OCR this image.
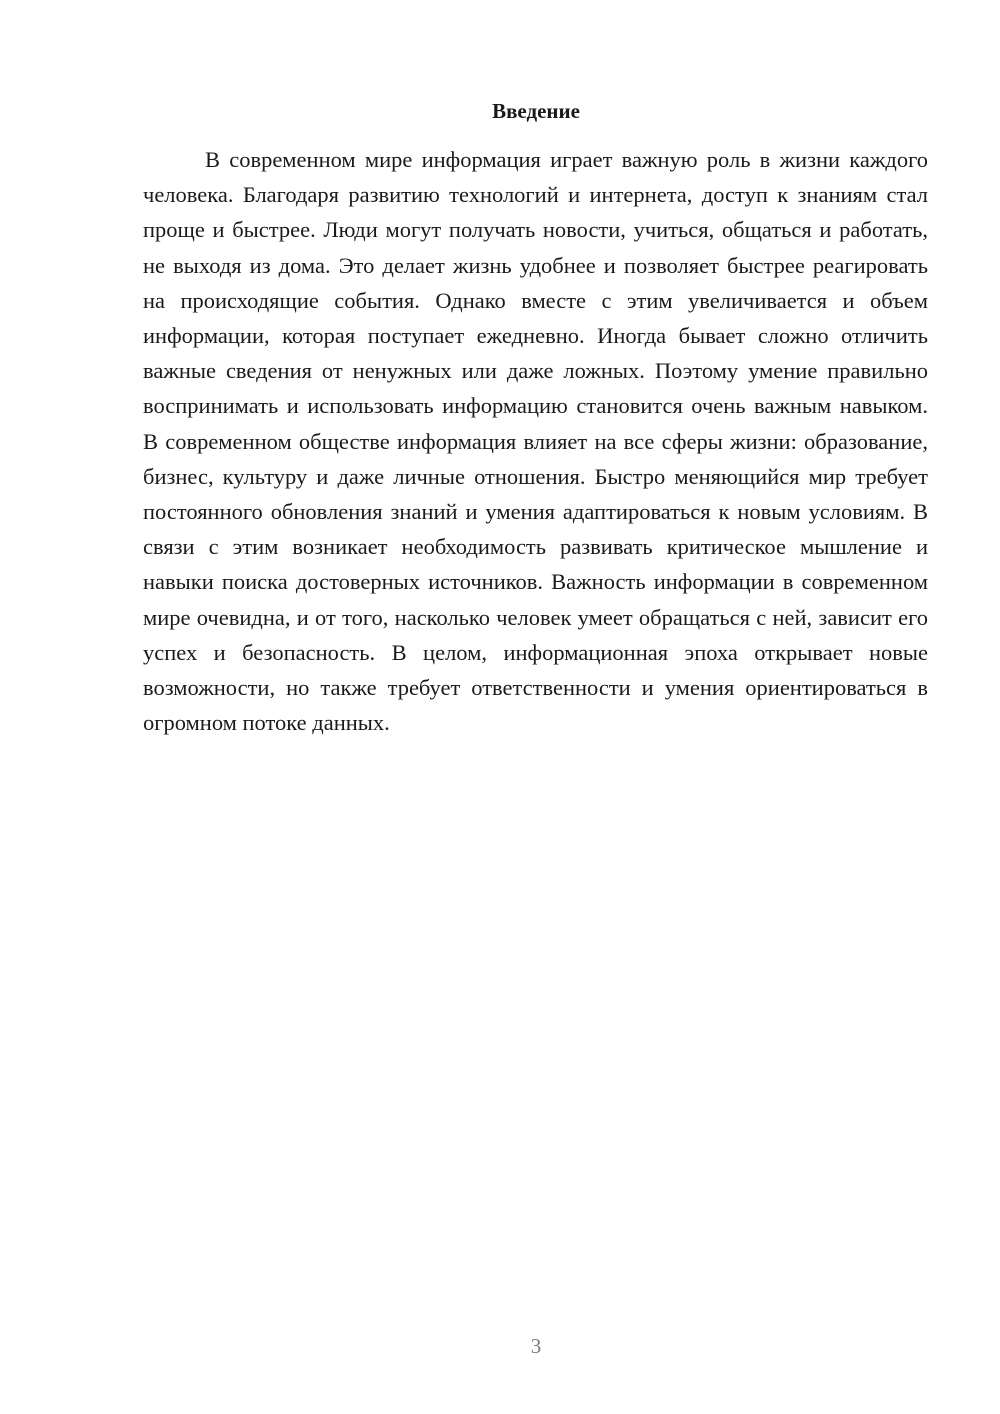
Введение

В современном мире информация играет важную роль в жизни каждого человека. Благодаря развитию технологий и интернета, доступ к знаниям стал проще и быстрее. Люди могут получать новости, учиться, общаться и работать, не выходя из дома. Это делает жизнь удобнее и позволяет быстрее реагировать на происходящие события. Однако вместе с этим увеличивается и объем информации, которая поступает ежедневно. Иногда бывает сложно отличить важные сведения от ненужных или даже ложных. Поэтому умение правильно воспринимать и использовать информацию становится очень важным навыком. В современном обществе информация влияет на все сферы жизни: образование, бизнес, культуру и даже личные отношения. Быстро меняющийся мир требует постоянного обновления знаний и умения адаптироваться к новым условиям. В связи с этим возникает необходимость развивать критическое мышление и навыки поиска достоверных источников. Важность информации в современном мире очевидна, и от того, насколько человек умеет обращаться с ней, зависит его успех и безопасность. В целом, информационная эпоха открывает новые возможности, но также требует ответственности и умения ориентироваться в огромном потоке данных.

3
